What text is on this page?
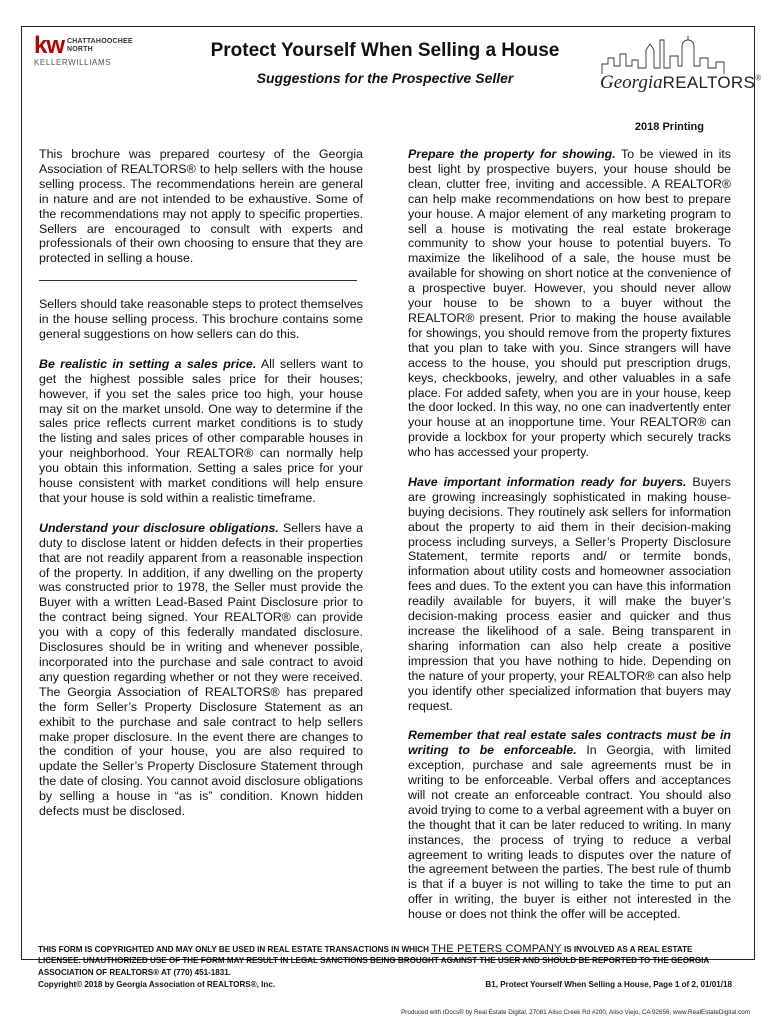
kw CHATTAHOOCHEE
NORTH
KELLERWILLIAMS
Protect Yourself When Selling a House
Suggestions for the Prospective Seller	GeorgiaREALTORS®
2018 Printing

This brochure was prepared courtesy of the Georgia Association of REALTORS® to help sellers with the house selling process. The recommendations herein are general in nature and are not intended to be exhaustive. Some of the recommendations may not apply to specific properties. Sellers are encouraged to consult with experts and professionals of their own choosing to ensure that they are protected in selling a house.

Sellers should take reasonable steps to protect themselves in the house selling process. This brochure contains some general suggestions on how sellers can do this.

Be realistic in setting a sales price. All sellers want to get the highest possible sales price for their houses; however, if you set the sales price too high, your house may sit on the market unsold. One way to determine if the sales price reflects current market conditions is to study the listing and sales prices of other comparable houses in your neighborhood. Your REALTOR® can normally help you obtain this information. Setting a sales price for your house consistent with market conditions will help ensure that your house is sold within a realistic timeframe.

Understand your disclosure obligations. Sellers have a duty to disclose latent or hidden defects in their properties that are not readily apparent from a reasonable inspection of the property. In addition, if any dwelling on the property was constructed prior to 1978, the Seller must provide the Buyer with a written Lead-Based Paint Disclosure prior to the contract being signed. Your REALTOR® can provide you with a copy of this federally mandated disclosure. Disclosures should be in writing and whenever possible, incorporated into the purchase and sale contract to avoid any question regarding whether or not they were received. The Georgia Association of REALTORS® has prepared the form Seller’s Property Disclosure Statement as an exhibit to the purchase and sale contract to help sellers make proper disclosure. In the event there are changes to the condition of your house, you are also required to update the Seller’s Property Disclosure Statement through the date of closing. You cannot avoid disclosure obligations by selling a house in “as is” condition. Known hidden defects must be disclosed.

Prepare the property for showing. To be viewed in its best light by prospective buyers, your house should be clean, clutter free, inviting and accessible. A REALTOR® can help make recommendations on how best to prepare your house. A major element of any marketing program to sell a house is motivating the real estate brokerage community to show your house to potential buyers. To maximize the likelihood of a sale, the house must be available for showing on short notice at the convenience of a prospective buyer. However, you should never allow your house to be shown to a buyer without the REALTOR® present. Prior to making the house available for showings, you should remove from the property fixtures that you plan to take with you. Since strangers will have access to the house, you should put prescription drugs, keys, checkbooks, jewelry, and other valuables in a safe place. For added safety, when you are in your house, keep the door locked. In this way, no one can inadvertently enter your house at an inopportune time. Your REALTOR® can provide a lockbox for your property which securely tracks who has accessed your property.

Have important information ready for buyers. Buyers are growing increasingly sophisticated in making house-buying decisions. They routinely ask sellers for information about the property to aid them in their decision-making process including surveys, a Seller’s Property Disclosure Statement, termite reports and/ or termite bonds, information about utility costs and homeowner association fees and dues. To the extent you can have this information readily available for buyers, it will make the buyer’s decision-making process easier and quicker and thus increase the likelihood of a sale. Being transparent in sharing information can also help create a positive impression that you have nothing to hide. Depending on the nature of your property, your REALTOR® can also help you identify other specialized information that buyers may request.

Remember that real estate sales contracts must be in writing to be enforceable. In Georgia, with limited exception, purchase and sale agreements must be in writing to be enforceable. Verbal offers and acceptances will not create an enforceable contract. You should also avoid trying to come to a verbal agreement with a buyer on the thought that it can be later reduced to writing. In many instances, the process of trying to reduce a verbal agreement to writing leads to disputes over the nature of the agreement between the parties. The best rule of thumb is that if a buyer is not willing to take the time to put an offer in writing, the buyer is either not interested in the house or does not think the offer will be accepted.

THIS FORM IS COPYRIGHTED AND MAY ONLY BE USED IN REAL ESTATE TRANSACTIONS IN WHICH THE PETERS COMPANY IS INVOLVED AS A REAL ESTATE LICENSEE. UNAUTHORIZED USE OF THE FORM MAY RESULT IN LEGAL SANCTIONS BEING BROUGHT AGAINST THE USER AND SHOULD BE REPORTED TO THE GEORGIA ASSOCIATION OF REALTORS® AT (770) 451-1831.
Copyright© 2018 by Georgia Association of REALTORS®, Inc.	B1, Protect Yourself When Selling a House, Page 1 of 2, 01/01/18
Produced with rDocs® by Real Estate Digital, 27081 Aliso Creek Rd #200, Aliso Viejo, CA 92656, www.RealEstateDigital.com
